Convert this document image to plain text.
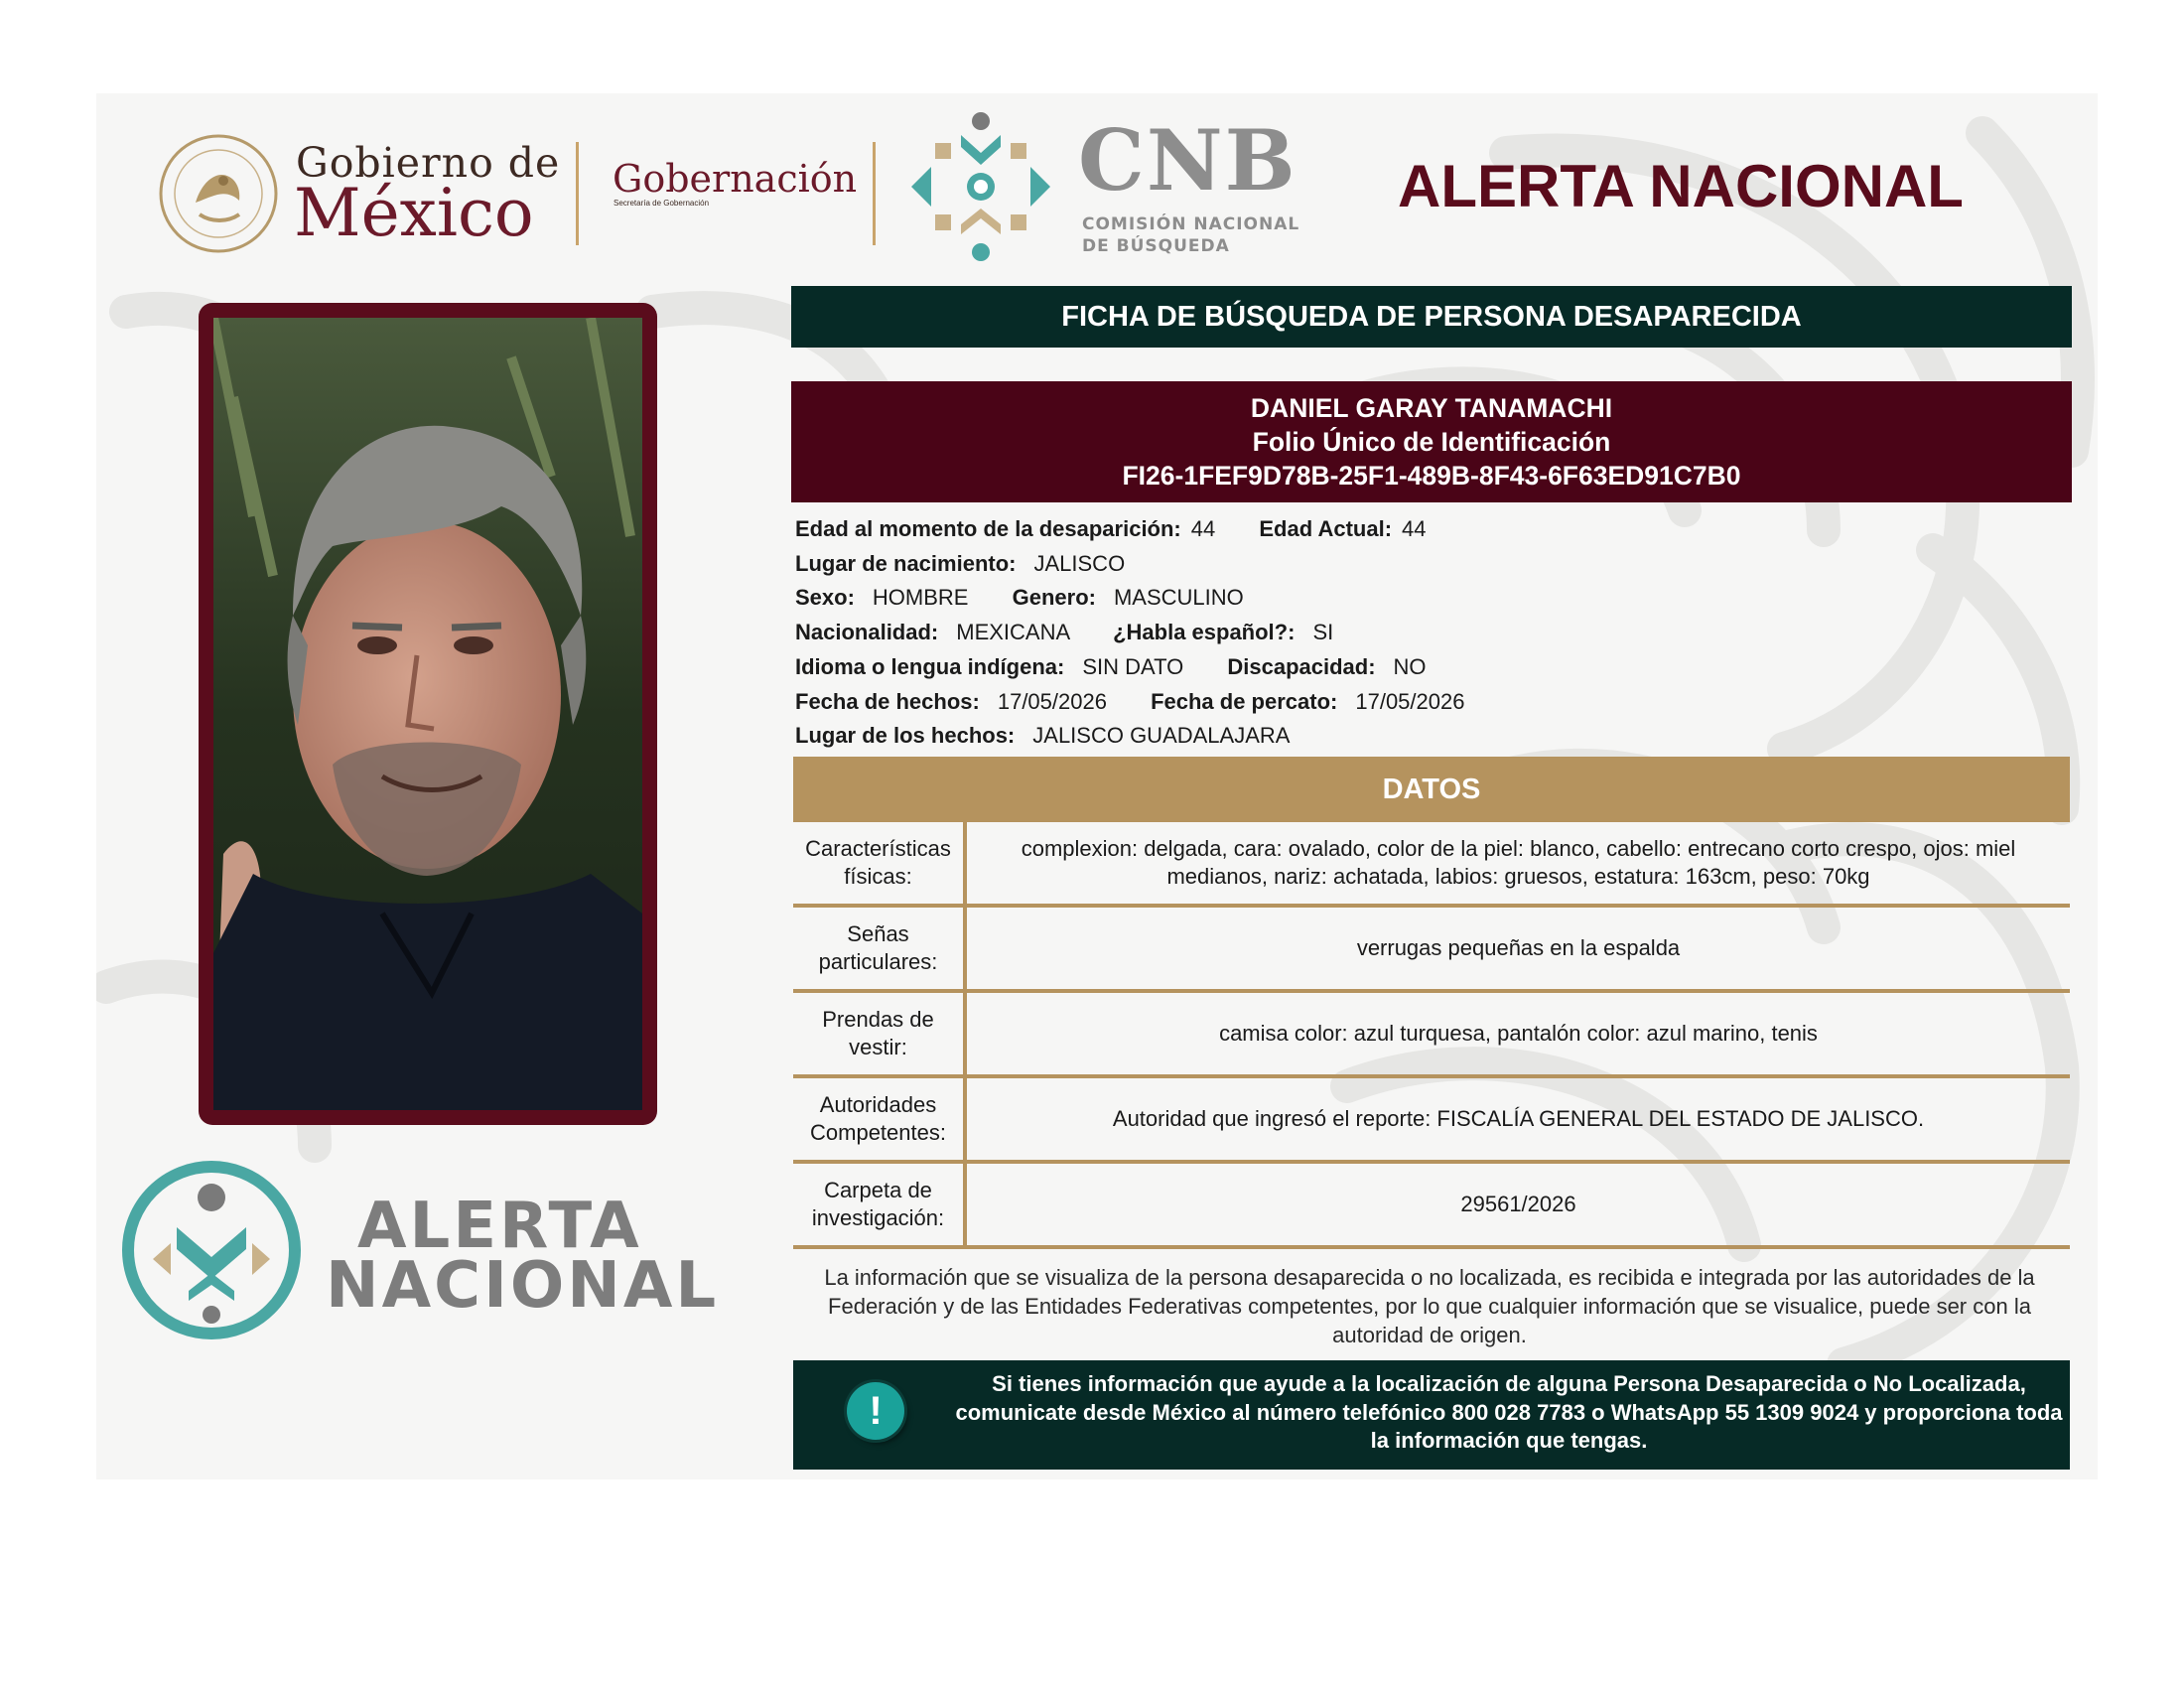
Gobierno de
México Gobernación
Secretaría de Gobernación	CNB
COMISIÓN NACIONAL
DE BÚSQUEDA
ALERTA NACIONAL
ALERTA
NACIONAL
FICHA DE BÚSQUEDA DE PERSONA DESAPARECIDA
DANIEL GARAY TANAMACHI
Folio Único de Identificación
FI26-1FEF9D78B-25F1-489B-8F43-6F63ED91C7B0
Edad al momento de la desaparición: 44 Edad Actual: 44
Lugar de nacimiento: JALISCO
Sexo: HOMBRE Genero: MASCULINO
Nacionalidad: MEXICANA ¿Habla español?: SI
Idioma o lengua indígena: SIN DATO Discapacidad: NO
Fecha de hechos: 17/05/2026 Fecha de percato: 17/05/2026
Lugar de los hechos: JALISCO GUADALAJARA
DATOS
Características físicas:
complexion: delgada, cara: ovalado, color de la piel: blanco, cabello: entrecano corto crespo, ojos: miel medianos, nariz: achatada, labios: gruesos, estatura: 163cm, peso: 70kg
Señas particulares:
verrugas pequeñas en la espalda
Prendas de vestir:
camisa color: azul turquesa, pantalón color: azul marino, tenis
Autoridades Competentes:
Autoridad que ingresó el reporte: FISCALÍA GENERAL DEL ESTADO DE JALISCO.
Carpeta de investigación:
29561/2026
La información que se visualiza de la persona desaparecida o no localizada, es recibida e integrada por las autoridades de la Federación y de las Entidades Federativas competentes, por lo que cualquier información que se visualice, puede ser con la autoridad de origen.
!
Si tienes información que ayude a la localización de alguna Persona Desaparecida o No Localizada, comunicate desde México al número telefónico 800 028 7783 o WhatsApp 55 1309 9024 y proporciona toda la información que tengas.
